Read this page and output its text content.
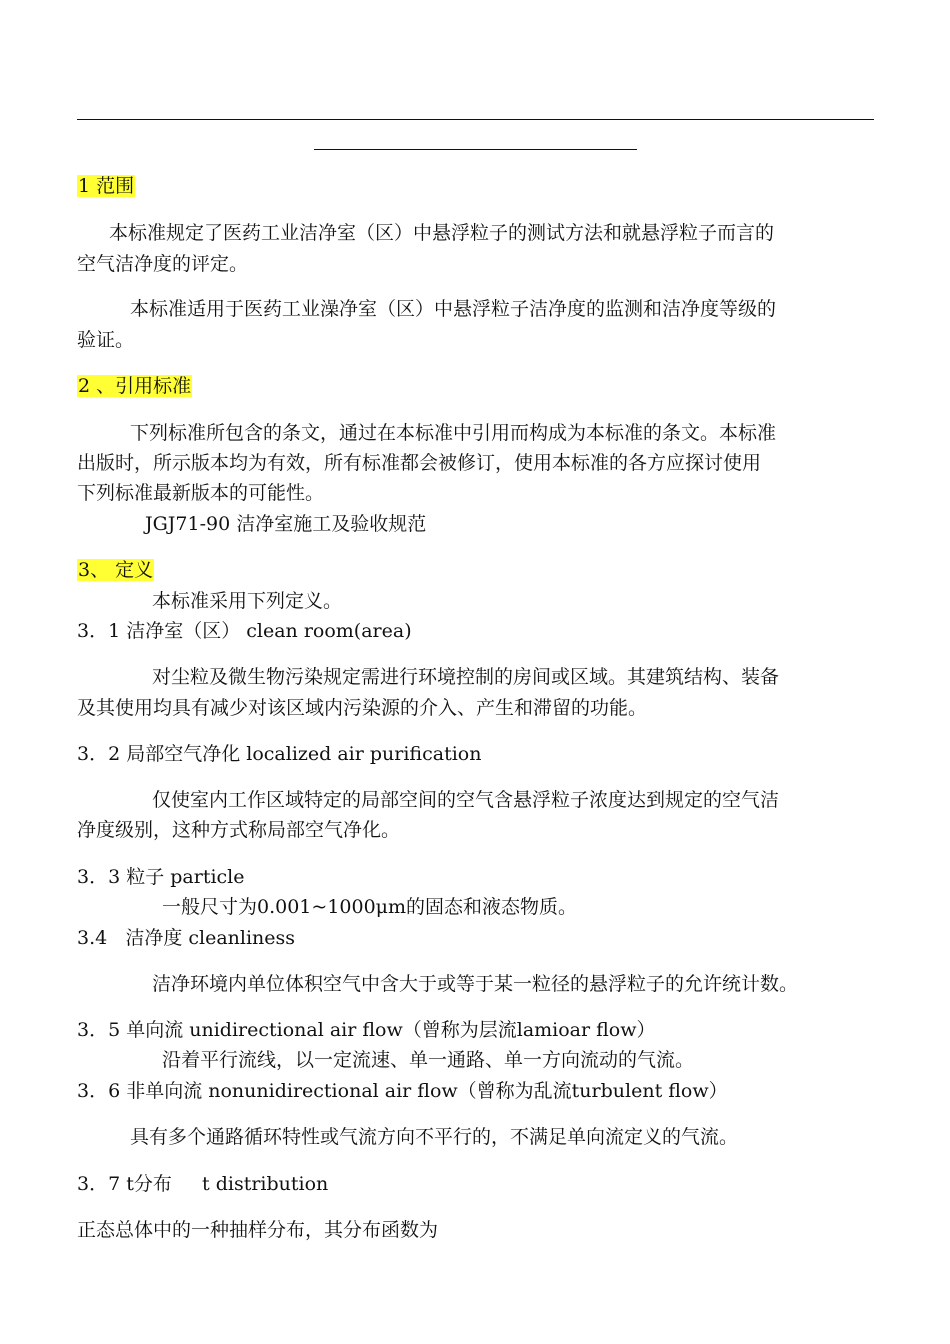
1 范围
本标准规定了医药工业洁净室（区）中悬浮粒子的测试方法和就悬浮粒子而言的
空气洁净度的评定。
本标准适用于医药工业澡净室（区）中悬浮粒子洁净度的监测和洁净度等级的
验证。
2 、引用标准
下列标准所包含的条文，通过在本标准中引用而构成为本标准的条文。本标准
出版时，所示版本均为有效，所有标准都会被修订，使用本标准的各方应探讨使用
下列标准最新版本的可能性。
JGJ71-90 洁净室施工及验收规范
3、 定义
本标准采用下列定义。
3．1 洁净室（区） clean room(area)
对尘粒及微生物污染规定需进行环境控制的房间或区域。其建筑结构、装备
及其使用均具有减少对该区域内污染源的介入、产生和滞留的功能。
3．2 局部空气净化 localized air purification
仅使室内工作区域特定的局部空间的空气含悬浮粒子浓度达到规定的空气洁
净度级别，这种方式称局部空气净化。
3．3 粒子 particle
一般尺寸为0.001~1000μm的固态和液态物质。
3.4   洁净度 cleanliness
洁净环境内单位体积空气中含大于或等于某一粒径的悬浮粒子的允许统计数。
3．5 单向流 unidirectional air flow（曾称为层流lamioar flow）
沿着平行流线，以一定流速、单一通路、单一方向流动的气流。
3．6 非单向流 nonunidirectional air flow（曾称为乱流turbulent flow）
具有多个通路循环特性或气流方向不平行的，不满足单向流定义的气流。
3．7 t分布     t distribution
正态总体中的一种抽样分布，其分布函数为
